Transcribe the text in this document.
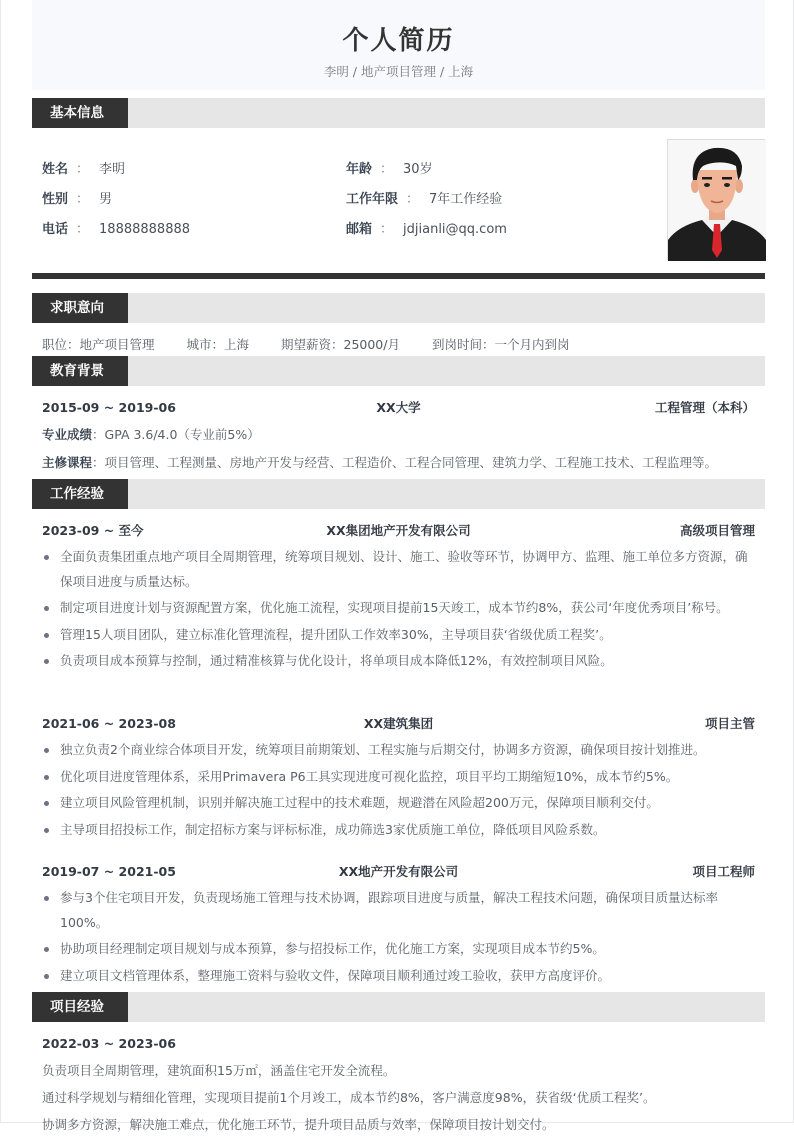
个人简历
李明 / 地产项目管理 / 上海
基本信息
姓名 ： 李明
性别 ： 男
电话 ： 18888888888
年龄 ： 30岁
工作年限 ： 7年工作经验
邮箱 ： jdjianli@qq.com
求职意向
职位：地产项目管理	城市：上海	期望薪资：25000/月	到岗时间：一个月内到岗
教育背景
2015-09 ~ 2019-06	XX大学	工程管理（本科）
专业成绩：GPA 3.6/4.0（专业前5%）
主修课程：项目管理、工程测量、房地产开发与经营、工程造价、工程合同管理、建筑力学、工程施工技术、工程监理等。
工作经验
2023-09 ~ 至今	XX集团地产开发有限公司	高级项目管理
全面负责集团重点地产项目全周期管理，统筹项目规划、设计、施工、验收等环节，协调甲方、监理、施工单位多方资源，确保项目进度与质量达标。
制定项目进度计划与资源配置方案，优化施工流程，实现项目提前15天竣工，成本节约8%，获公司‘年度优秀项目’称号。
管理15人项目团队，建立标准化管理流程，提升团队工作效率30%，主导项目获‘省级优质工程奖’。
负责项目成本预算与控制，通过精准核算与优化设计，将单项目成本降低12%，有效控制项目风险。
2021-06 ~ 2023-08	XX建筑集团	项目主管
独立负责2个商业综合体项目开发，统筹项目前期策划、工程实施与后期交付，协调多方资源，确保项目按计划推进。
优化项目进度管理体系，采用Primavera P6工具实现进度可视化监控，项目平均工期缩短10%，成本节约5%。
建立项目风险管理机制，识别并解决施工过程中的技术难题，规避潜在风险超200万元，保障项目顺利交付。
主导项目招投标工作，制定招标方案与评标标准，成功筛选3家优质施工单位，降低项目风险系数。
2019-07 ~ 2021-05	XX地产开发有限公司	项目工程师
参与3个住宅项目开发，负责现场施工管理与技术协调，跟踪项目进度与质量，解决工程技术问题，确保项目质量达标率100%。
协助项目经理制定项目规划与成本预算，参与招投标工作，优化施工方案，实现项目成本节约5%。
建立项目文档管理体系，整理施工资料与验收文件，保障项目顺利通过竣工验收，获甲方高度评价。
项目经验
2022-03 ~ 2023-06

负责项目全周期管理，建筑面积15万㎡，涵盖住宅开发全流程。

通过科学规划与精细化管理，实现项目提前1个月竣工，成本节约8%，客户满意度98%，获省级‘优质工程奖’。

协调多方资源，解决施工难点，优化施工环节，提升项目品质与效率，保障项目按计划交付。
